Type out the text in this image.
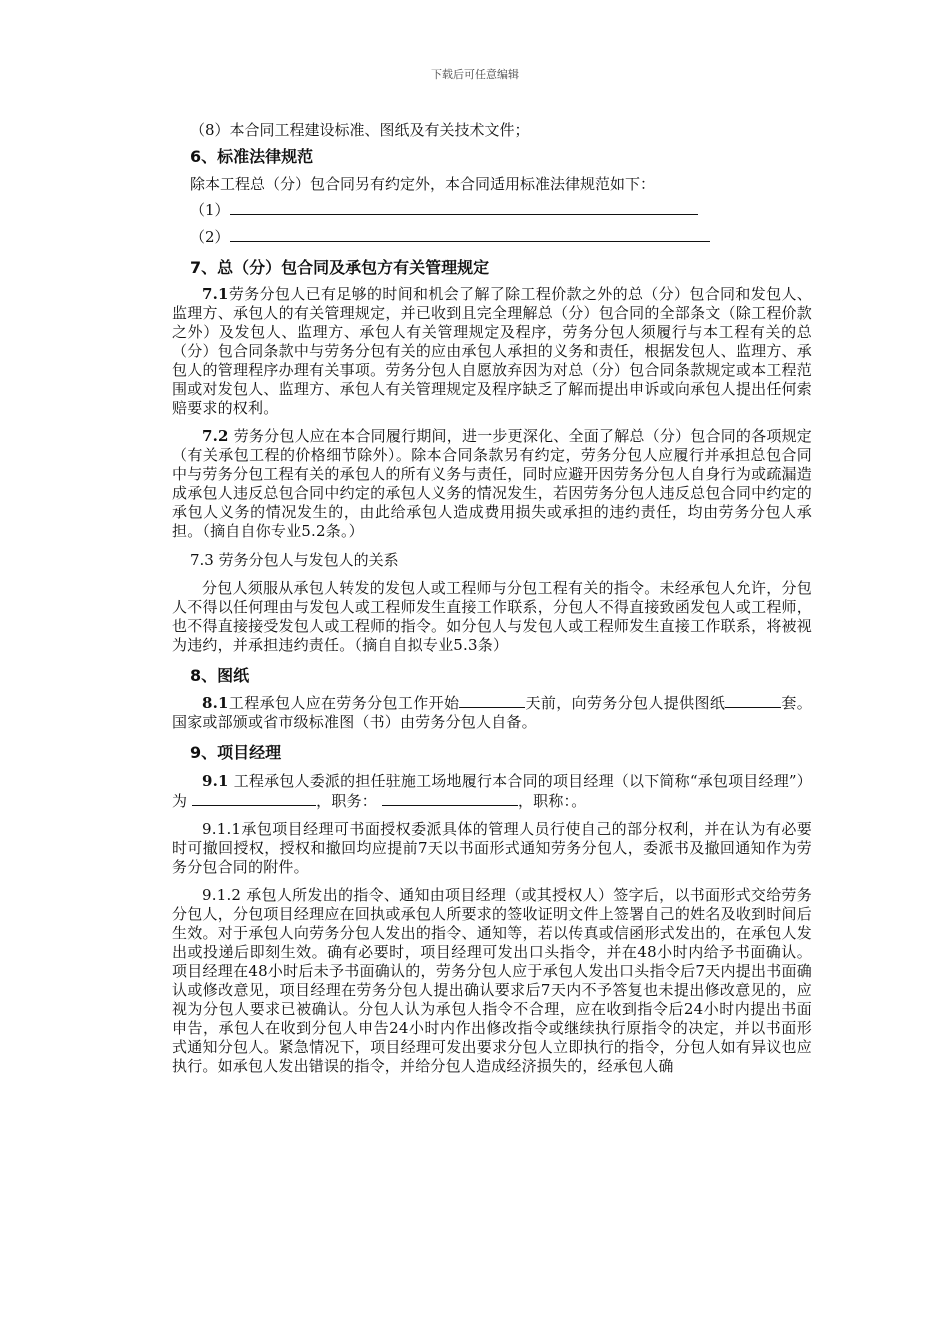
下载后可任意编辑
（8）本合同工程建设标准、图纸及有关技术文件；
6、标准法律规范
除本工程总（分）包合同另有约定外，本合同适用标准法律规范如下：
（1）
（2）
7、总（分）包合同及承包方有关管理规定
7.1劳务分包人已有足够的时间和机会了解了除工程价款之外的总（分）包合同和发包人、监理方、承包人的有关管理规定，并已收到且完全理解总（分）包合同的全部条文（除工程价款之外）及发包人、监理方、承包人有关管理规定及程序，劳务分包人须履行与本工程有关的总（分）包合同条款中与劳务分包有关的应由承包人承担的义务和责任，根据发包人、监理方、承包人的管理程序办理有关事项。劳务分包人自愿放弃因为对总（分）包合同条款规定或本工程范围或对发包人、监理方、承包人有关管理规定及程序缺乏了解而提出申诉或向承包人提出任何索赔要求的权利。
7.2 劳务分包人应在本合同履行期间，进一步更深化、全面了解总（分）包合同的各项规定（有关承包工程的价格细节除外）。除本合同条款另有约定，劳务分包人应履行并承担总包合同中与劳务分包工程有关的承包人的所有义务与责任，同时应避开因劳务分包人自身行为或疏漏造成承包人违反总包合同中约定的承包人义务的情况发生，若因劳务分包人违反总包合同中约定的承包人义务的情况发生的，由此给承包人造成费用损失或承担的违约责任，均由劳务分包人承担。（摘自自你专业5.2条。）
7.3 劳务分包人与发包人的关系
分包人须服从承包人转发的发包人或工程师与分包工程有关的指令。未经承包人允许，分包人不得以任何理由与发包人或工程师发生直接工作联系，分包人不得直接致函发包人或工程师，也不得直接接受发包人或工程师的指令。如分包人与发包人或工程师发生直接工作联系，将被视为违约，并承担违约责任。（摘自自拟专业5.3条）
8、图纸
8.1工程承包人应在劳务分包工作开始	天前，向劳务分包人提供图纸	套。国家或部颁或省市级标准图（书）由劳务分包人自备。
9、项目经理
9.1 工程承包人委派的担任驻施工场地履行本合同的项目经理（以下简称“承包项目经理”）为	，职务：	，职称：。
9.1.1承包项目经理可书面授权委派具体的管理人员行使自己的部分权利，并在认为有必要时可撤回授权，授权和撤回均应提前7天以书面形式通知劳务分包人，委派书及撤回通知作为劳务分包合同的附件。
9.1.2 承包人所发出的指令、通知由项目经理（或其授权人）签字后，以书面形式交给劳务分包人，分包项目经理应在回执或承包人所要求的签收证明文件上签署自己的姓名及收到时间后生效。对于承包人向劳务分包人发出的指令、通知等，若以传真或信函形式发出的，在承包人发出或投递后即刻生效。确有必要时，项目经理可发出口头指令，并在48小时内给予书面确认。项目经理在48小时后未予书面确认的，劳务分包人应于承包人发出口头指令后7天内提出书面确认或修改意见，项目经理在劳务分包人提出确认要求后7天内不予答复也未提出修改意见的，应视为分包人要求已被确认。分包人认为承包人指令不合理，应在收到指令后24小时内提出书面申告，承包人在收到分包人申告24小时内作出修改指令或继续执行原指令的决定，并以书面形式通知分包人。紧急情况下，项目经理可发出要求分包人立即执行的指令，分包人如有异议也应执行。如承包人发出错误的指令，并给分包人造成经济损失的，经承包人确
